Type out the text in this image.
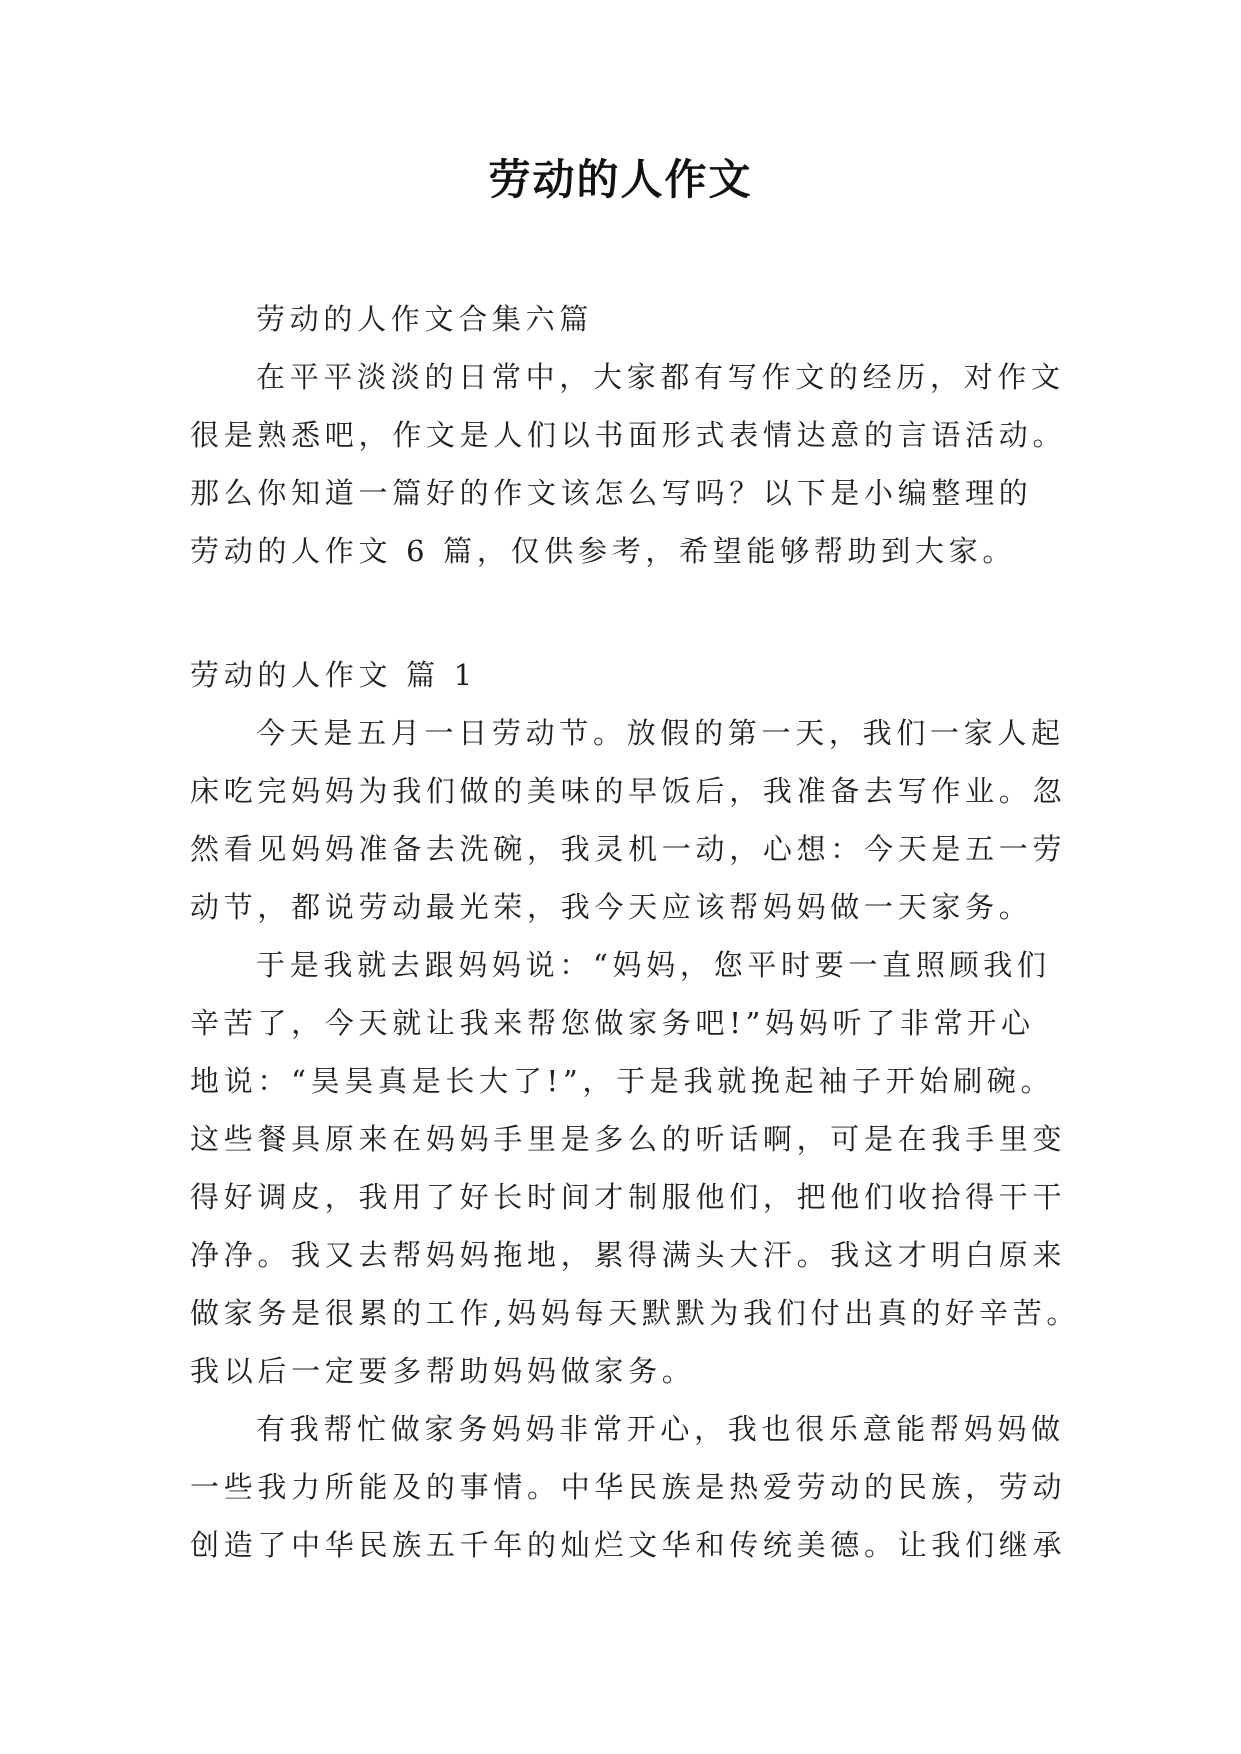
劳动的人作文
劳动的人作文合集六篇
在平平淡淡的日常中，大家都有写作文的经历，对作文
很是熟悉吧，作文是人们以书面形式表情达意的言语活动。
那么你知道一篇好的作文该怎么写吗？以下是小编整理的
劳动的人作文 6 篇，仅供参考，希望能够帮助到大家。
劳动的人作文 篇 1
今天是五月一日劳动节。放假的第一天，我们一家人起
床吃完妈妈为我们做的美味的早饭后，我准备去写作业。忽
然看见妈妈准备去洗碗，我灵机一动，心想：今天是五一劳
动节，都说劳动最光荣，我今天应该帮妈妈做一天家务。
于是我就去跟妈妈说：“妈妈，您平时要一直照顾我们
辛苦了，今天就让我来帮您做家务吧!”妈妈听了非常开心
地说：“昊昊真是长大了!”，于是我就挽起袖子开始刷碗。
这些餐具原来在妈妈手里是多么的听话啊，可是在我手里变
得好调皮，我用了好长时间才制服他们，把他们收拾得干干
净净。我又去帮妈妈拖地，累得满头大汗。我这才明白原来
做家务是很累的工作,妈妈每天默默为我们付出真的好辛苦。
我以后一定要多帮助妈妈做家务。
有我帮忙做家务妈妈非常开心，我也很乐意能帮妈妈做
一些我力所能及的事情。中华民族是热爱劳动的民族，劳动
创造了中华民族五千年的灿烂文华和传统美德。让我们继承
